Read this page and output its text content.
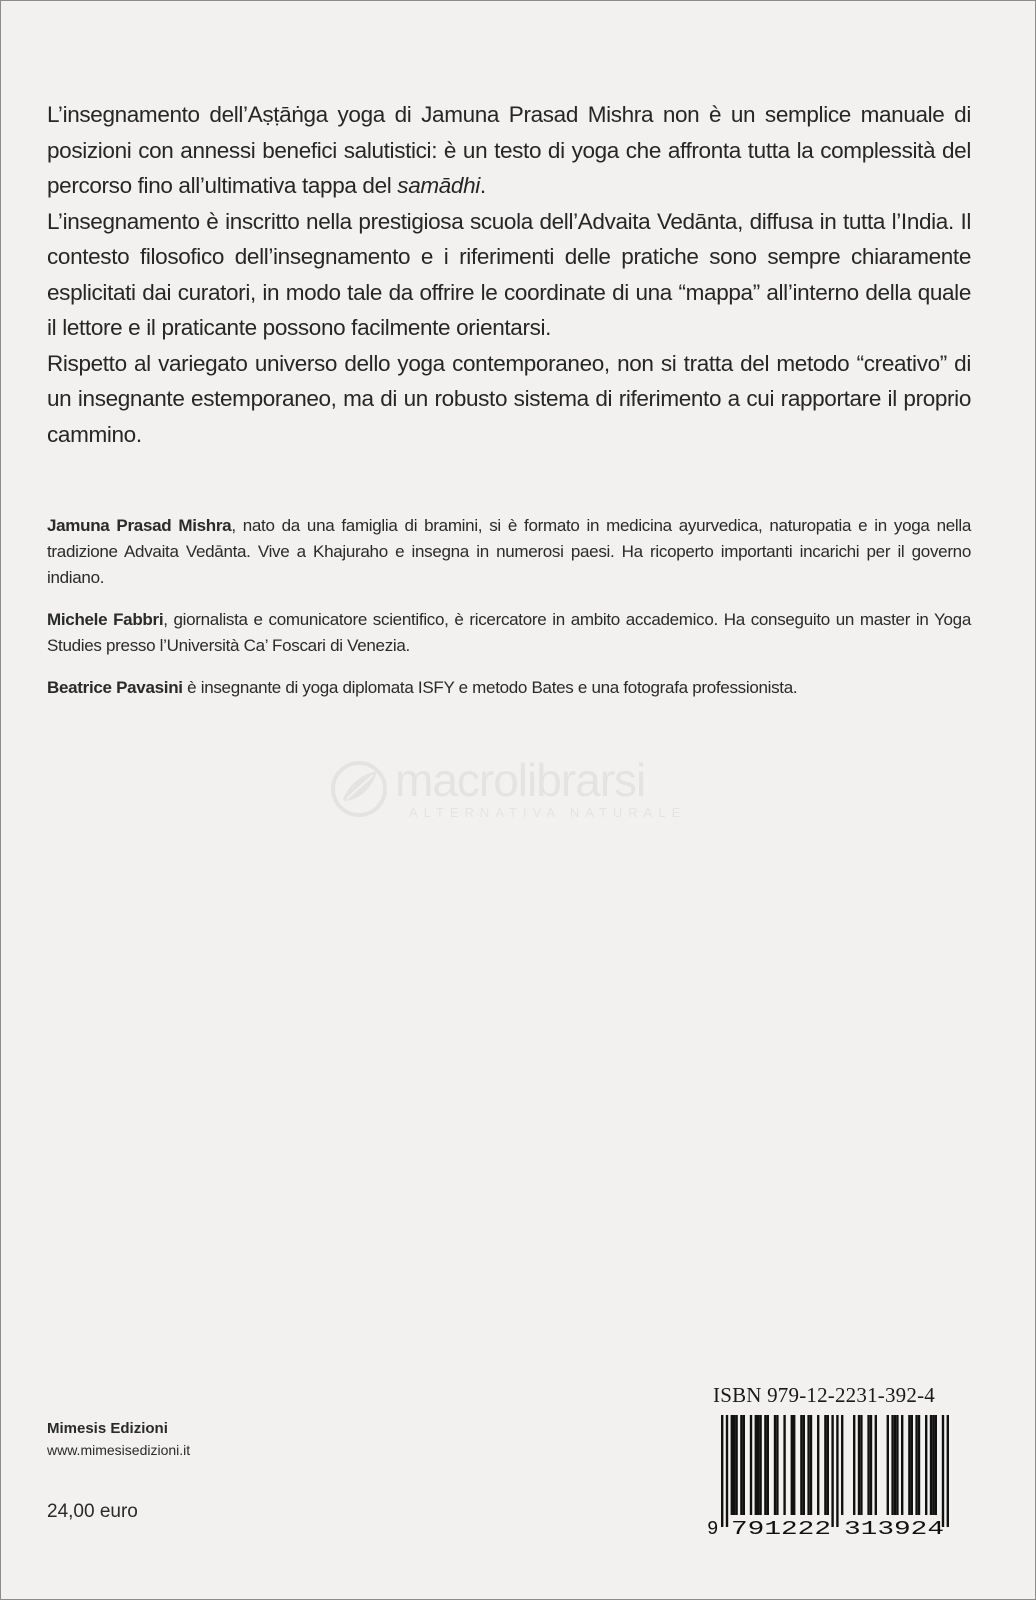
L’insegnamento dell’Aṣṭāṅga yoga di Jamuna Prasad Mishra non è un semplice manuale di posizioni con annessi benefici salutistici: è un testo di yoga che affronta tutta la complessità del percorso fino all’ultimativa tappa del samādhi.

L’insegnamento è inscritto nella prestigiosa scuola dell’Advaita Vedānta, diffusa in tutta l’India. Il contesto filosofico dell’insegnamento e i riferimenti delle pratiche sono sempre chiaramente esplicitati dai curatori, in modo tale da offrire le coordinate di una “mappa” all’interno della quale il lettore e il praticante possono facilmente orientarsi.

Rispetto al variegato universo dello yoga contemporaneo, non si tratta del metodo “creativo” di un insegnante estemporaneo, ma di un robusto sistema di riferimento a cui rapportare il proprio cammino.

Jamuna Prasad Mishra, nato da una famiglia di bramini, si è formato in medicina ayurvedica, naturopatia e in yoga nella tradizione Advaita Vedānta. Vive a Khajuraho e insegna in numerosi paesi. Ha ricoperto importanti incarichi per il governo indiano.

Michele Fabbri, giornalista e comunicatore scientifico, è ricercatore in ambito accademico. Ha conseguito un master in Yoga Studies presso l’Università Ca’ Foscari di Venezia.

Beatrice Pavasini è insegnante di yoga diplomata ISFY e metodo Bates e una fotografa professionista.

macrolibrarsi
ALTERNATIVA NATURALE
Mimesis Edizioni
www.mimesisedizioni.it
24,00 euro
ISBN 979-12-2231-392-4
9 791222 313924
